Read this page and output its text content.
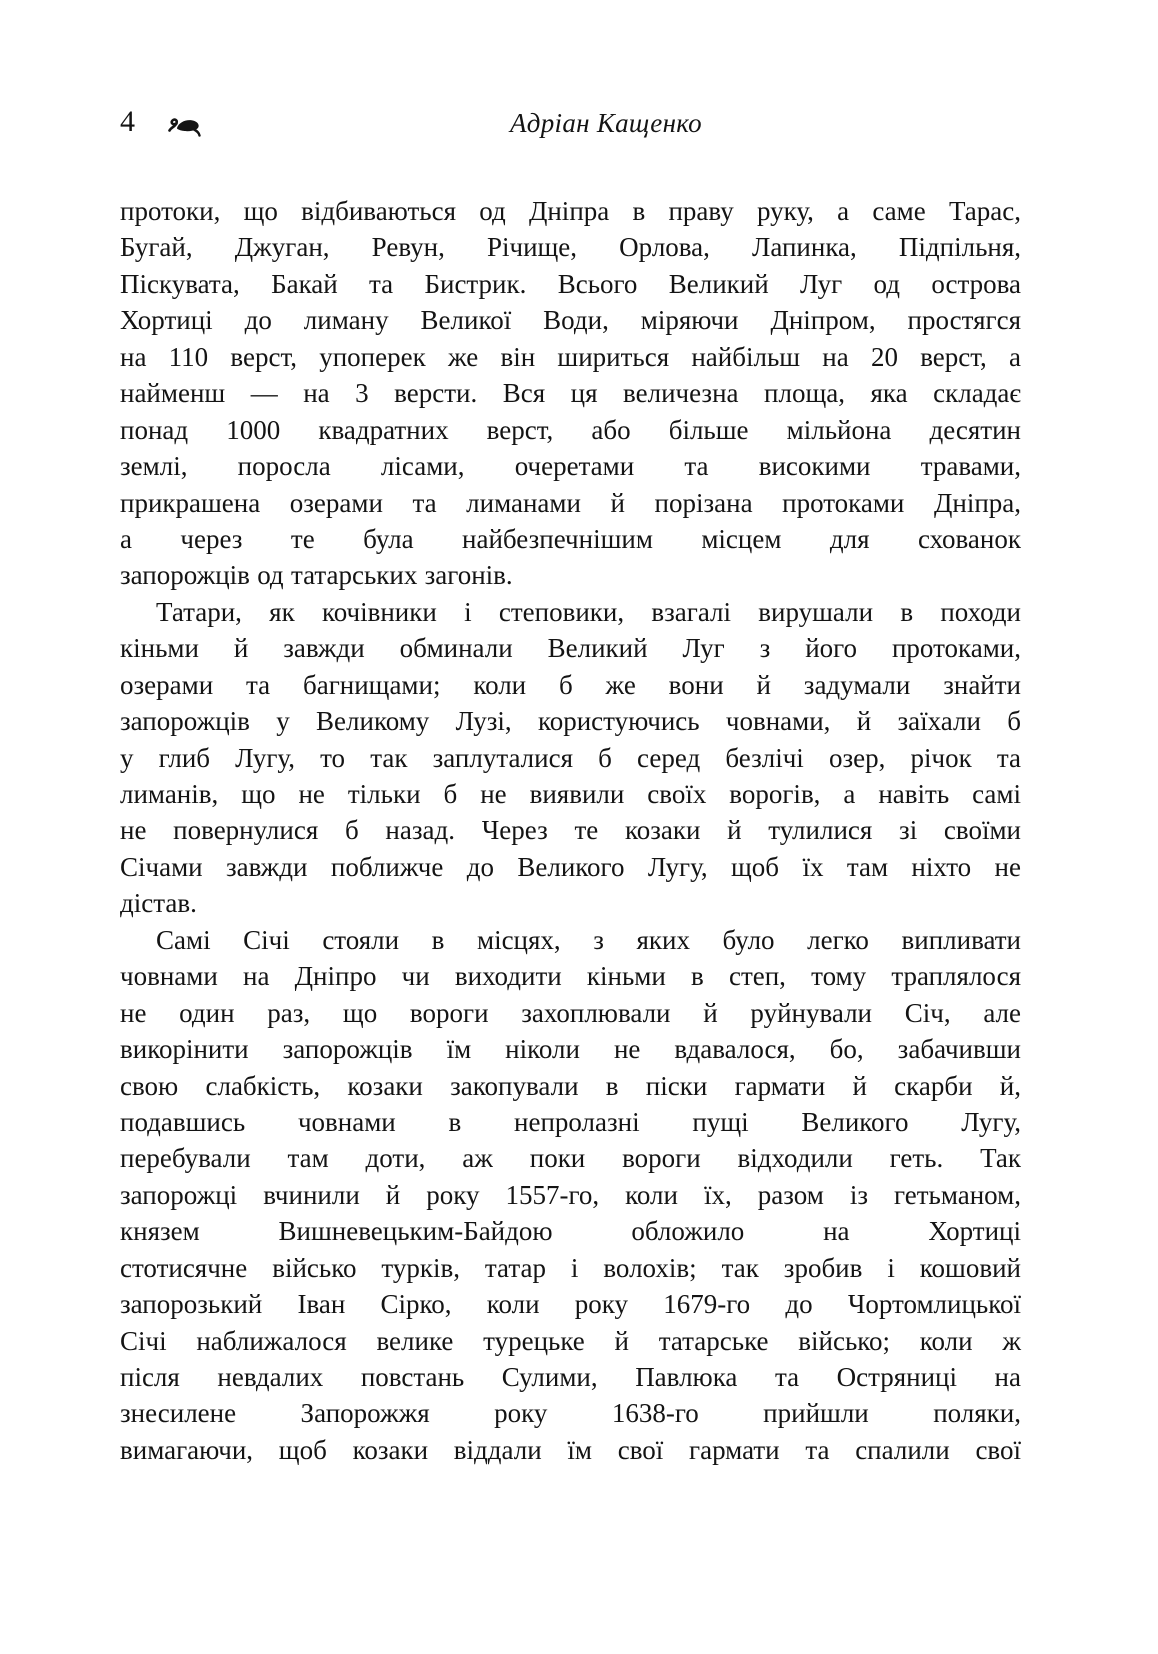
4	Адріан Кащенко
протоки, що відбиваються од Дніпра в праву руку, а саме Тарас,
Бугай, Джуган, Ревун, Річище, Орлова, Лапинка, Підпільня,
Піскувата, Бакай та Бистрик. Всього Великий Луг од острова
Хортиці до лиману Великої Води, міряючи Дніпром, простягся
на 110 верст, упоперек же він шириться найбільш на 20 верст, а
найменш — на 3 версти. Вся ця величезна площа, яка складає
понад 1000 квадратних верст, або більше мільйона десятин
землі, поросла лісами, очеретами та високими травами,
прикрашена озерами та лиманами й порізана протоками Дніпра,
а через те була найбезпечнішим місцем для схованок
запорожців од татарських загонів.
Татари, як кочівники і степовики, взагалі вирушали в походи
кіньми й завжди обминали Великий Луг з його протоками,
озерами та багнищами; коли б же вони й задумали знайти
запорожців у Великому Лузі, користуючись човнами, й заїхали б
у глиб Лугу, то так заплуталися б серед безлічі озер, річок та
лиманів, що не тільки б не виявили своїх ворогів, а навіть самі
не повернулися б назад. Через те козаки й тулилися зі своїми
Січами завжди поближче до Великого Лугу, щоб їх там ніхто не
дістав.
Самі Січі стояли в місцях, з яких було легко випливати
човнами на Дніпро чи виходити кіньми в степ, тому траплялося
не один раз, що вороги захоплювали й руйнували Січ, але
викорінити запорожців їм ніколи не вдавалося, бо, забачивши
свою слабкість, козаки закопували в піски гармати й скарби й,
подавшись човнами в непролазні пущі Великого Лугу,
перебували там доти, аж поки вороги відходили геть. Так
запорожці вчинили й року 1557-го, коли їх, разом із гетьманом,
князем Вишневецьким-Байдою обложило на Хортиці
стотисячне військо турків, татар і волохів; так зробив і кошовий
запорозький Іван Сірко, коли року 1679-го до Чортомлицької
Січі наближалося велике турецьке й татарське військо; коли ж
після невдалих повстань Сулими, Павлюка та Остряниці на
знесилене Запорожжя року 1638-го прийшли поляки,
вимагаючи, щоб козаки віддали їм свої гармати та спалили свої
